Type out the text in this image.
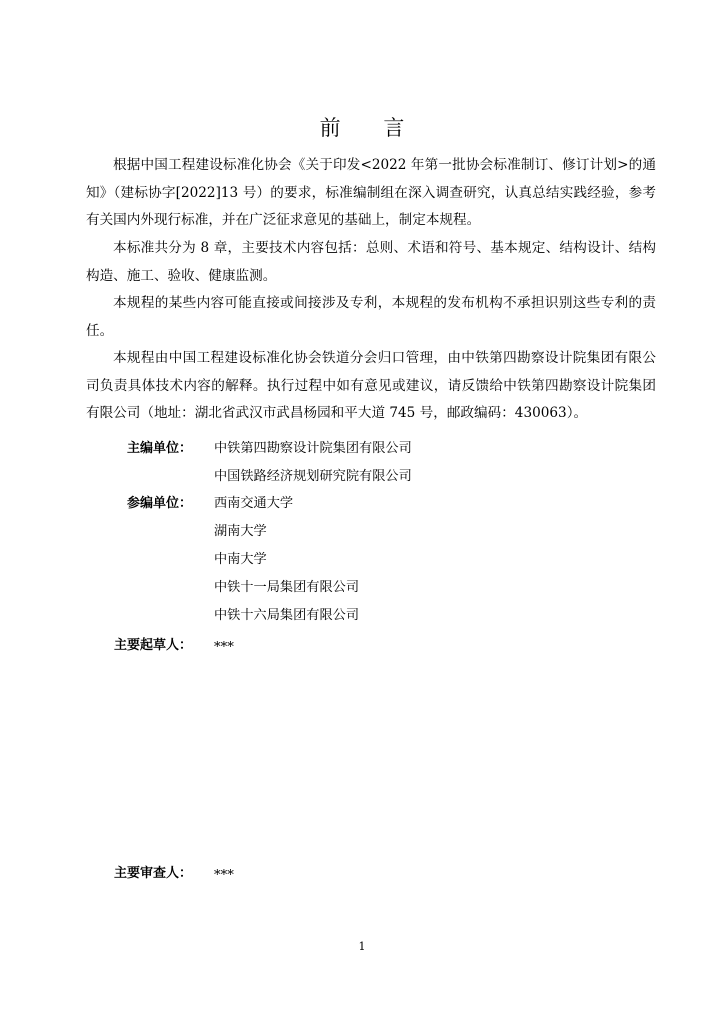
前 言

根据中国工程建设标准化协会《关于印发<2022 年第一批协会标准制订、修订计划>的通知》（建标协字[2022]13 号）的要求，标准编制组在深入调查研究，认真总结实践经验，参考有关国内外现行标准，并在广泛征求意见的基础上，制定本规程。

本标准共分为 8 章，主要技术内容包括：总则、术语和符号、基本规定、结构设计、结构构造、施工、验收、健康监测。

本规程的某些内容可能直接或间接涉及专利，本规程的发布机构不承担识别这些专利的责任。

本规程由中国工程建设标准化协会铁道分会归口管理，由中铁第四勘察设计院集团有限公司负责具体技术内容的解释。执行过程中如有意见或建议，请反馈给中铁第四勘察设计院集团有限公司（地址：湖北省武汉市武昌杨园和平大道 745 号，邮政编码：430063）。

主编单位： 中铁第四勘察设计院集团有限公司
中国铁路经济规划研究院有限公司
参编单位： 西南交通大学
湖南大学
中南大学
中铁十一局集团有限公司
中铁十六局集团有限公司
主要起草人： ***
主要审查人： ***
1
